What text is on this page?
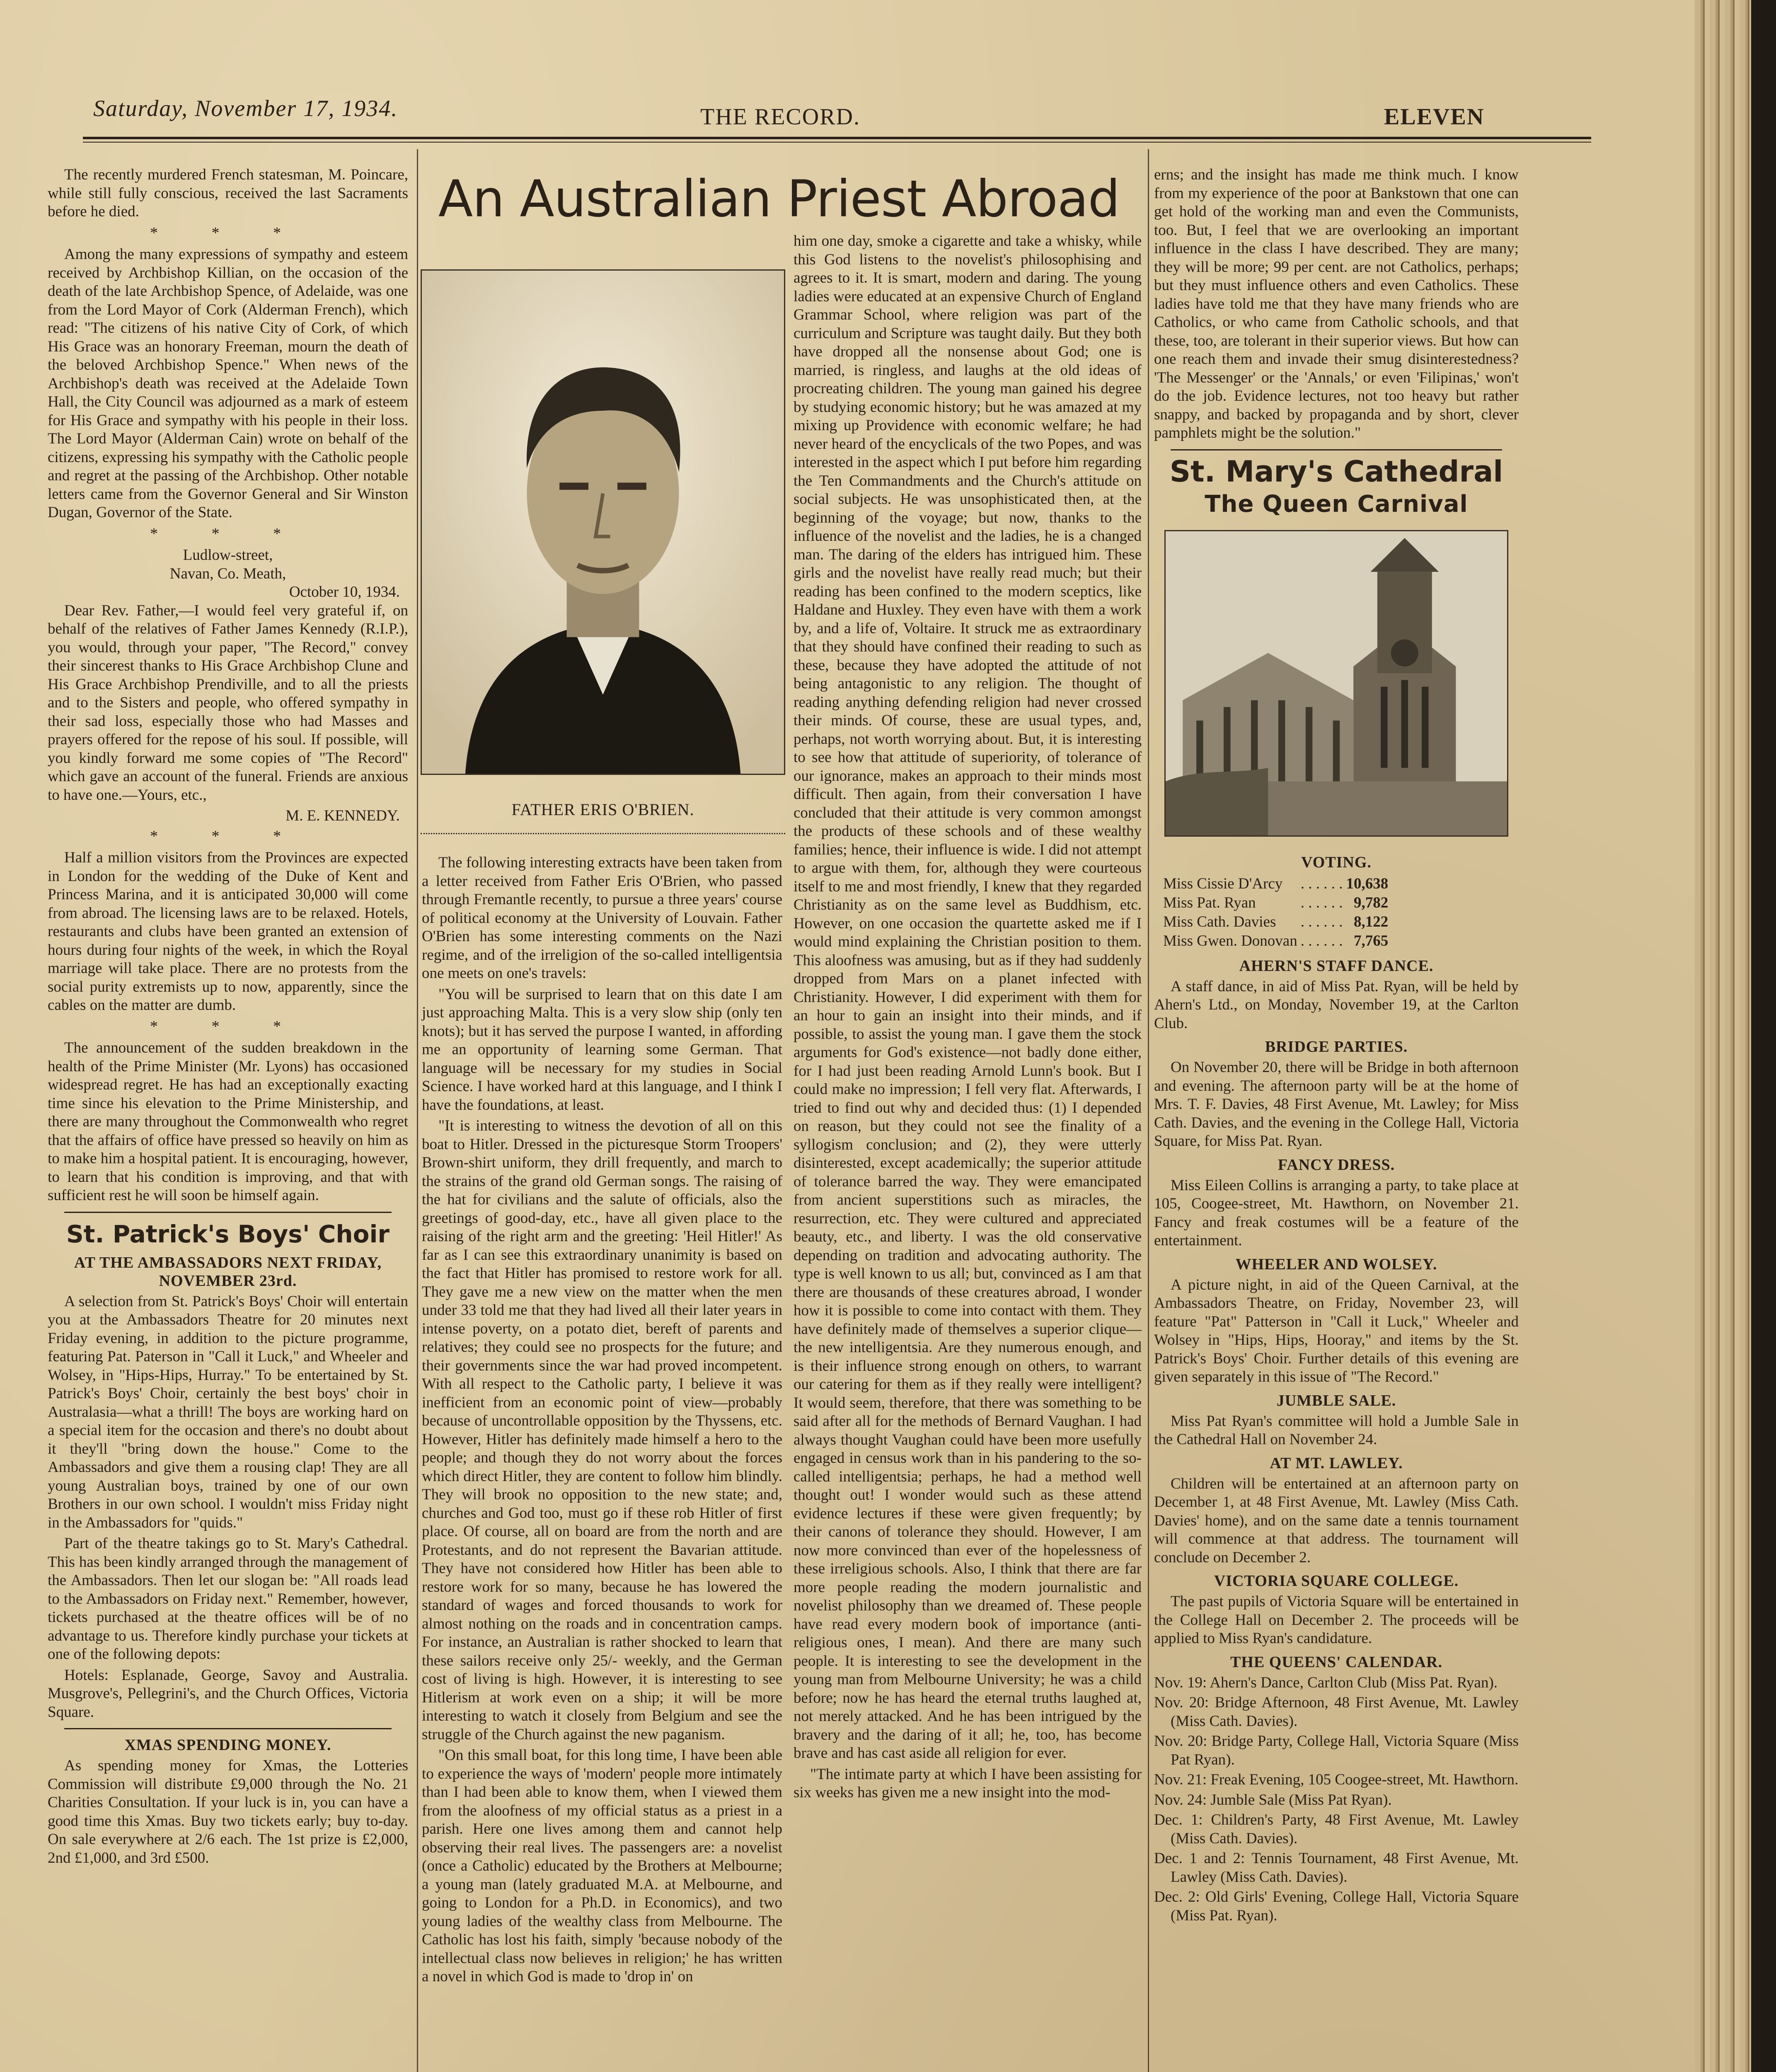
Saturday, November 17, 1934.	THE RECORD.	ELEVEN

The recently murdered French statesman, M. Poincare, while still fully conscious, received the last Sacraments before he died.

* * *

Among the many expressions of sympathy and esteem received by Archbishop Killian, on the occasion of the death of the late Archbishop Spence, of Adelaide, was one from the Lord Mayor of Cork (Alderman French), which read: "The citizens of his native City of Cork, of which His Grace was an honorary Freeman, mourn the death of the beloved Archbishop Spence." When news of the Archbishop's death was received at the Adelaide Town Hall, the City Council was adjourned as a mark of esteem for His Grace and sympathy with his people in their loss. The Lord Mayor (Alderman Cain) wrote on behalf of the citizens, expressing his sympathy with the Catholic people and regret at the passing of the Archbishop. Other notable letters came from the Governor General and Sir Winston Dugan, Governor of the State.

* * *
Ludlow-street,
Navan, Co. Meath,
October 10, 1934.

Dear Rev. Father,—I would feel very grateful if, on behalf of the relatives of Father James Kennedy (R.I.P.), you would, through your paper, "The Record," convey their sincerest thanks to His Grace Archbishop Clune and His Grace Archbishop Prendiville, and to all the priests and to the Sisters and people, who offered sympathy in their sad loss, especially those who had Masses and prayers offered for the repose of his soul. If possible, will you kindly forward me some copies of "The Record" which gave an account of the funeral. Friends are anxious to have one.—Yours, etc.,

M. E. KENNEDY.
* * *

Half a million visitors from the Provinces are expected in London for the wedding of the Duke of Kent and Princess Marina, and it is anticipated 30,000 will come from abroad. The licensing laws are to be relaxed. Hotels, restaurants and clubs have been granted an extension of hours during four nights of the week, in which the Royal marriage will take place. There are no protests from the social purity extremists up to now, apparently, since the cables on the matter are dumb.

* * *

The announcement of the sudden breakdown in the health of the Prime Minister (Mr. Lyons) has occasioned widespread regret. He has had an exceptionally exacting time since his elevation to the Prime Ministership, and there are many throughout the Commonwealth who regret that the affairs of office have pressed so heavily on him as to make him a hospital patient. It is encouraging, however, to learn that his condition is improving, and that with sufficient rest he will soon be himself again.

St. Patrick's Boys' Choir
AT THE AMBASSADORS NEXT FRIDAY, NOVEMBER 23rd.

A selection from St. Patrick's Boys' Choir will entertain you at the Ambassadors Theatre for 20 minutes next Friday evening, in addition to the picture programme, featuring Pat. Paterson in "Call it Luck," and Wheeler and Wolsey, in "Hips-Hips, Hurray." To be entertained by St. Patrick's Boys' Choir, certainly the best boys' choir in Australasia—what a thrill! The boys are working hard on a special item for the occasion and there's no doubt about it they'll "bring down the house." Come to the Ambassadors and give them a rousing clap! They are all young Australian boys, trained by one of our own Brothers in our own school. I wouldn't miss Friday night in the Ambassadors for "quids."

Part of the theatre takings go to St. Mary's Cathedral. This has been kindly arranged through the management of the Ambassadors. Then let our slogan be: "All roads lead to the Ambassadors on Friday next." Remember, however, tickets purchased at the theatre offices will be of no advantage to us. Therefore kindly purchase your tickets at one of the following depots:

Hotels: Esplanade, George, Savoy and Australia. Musgrove's, Pellegrini's, and the Church Offices, Victoria Square.

XMAS SPENDING MONEY.

As spending money for Xmas, the Lotteries Commission will distribute £9,000 through the No. 21 Charities Consultation. If your luck is in, you can have a good time this Xmas. Buy two tickets early; buy to-day. On sale everywhere at 2/6 each. The 1st prize is £2,000, 2nd £1,000, and 3rd £500.

An Australian Priest Abroad
FATHER ERIS O'BRIEN.

The following interesting extracts have been taken from a letter received from Father Eris O'Brien, who passed through Fremantle recently, to pursue a three years' course of political economy at the University of Louvain. Father O'Brien has some interesting comments on the Nazi regime, and of the irreligion of the so-called intelligentsia one meets on one's travels:

"You will be surprised to learn that on this date I am just approaching Malta. This is a very slow ship (only ten knots); but it has served the purpose I wanted, in affording me an opportunity of learning some German. That language will be necessary for my studies in Social Science. I have worked hard at this language, and I think I have the foundations, at least.

"It is interesting to witness the devotion of all on this boat to Hitler. Dressed in the picturesque Storm Troopers' Brown-shirt uniform, they drill frequently, and march to the strains of the grand old German songs. The raising of the hat for civilians and the salute of officials, also the greetings of good-day, etc., have all given place to the raising of the right arm and the greeting: 'Heil Hitler!' As far as I can see this extraordinary unanimity is based on the fact that Hitler has promised to restore work for all. They gave me a new view on the matter when the men under 33 told me that they had lived all their later years in intense poverty, on a potato diet, bereft of parents and relatives; they could see no prospects for the future; and their governments since the war had proved incompetent. With all respect to the Catholic party, I believe it was inefficient from an economic point of view—probably because of uncontrollable opposition by the Thyssens, etc. However, Hitler has definitely made himself a hero to the people; and though they do not worry about the forces which direct Hitler, they are content to follow him blindly. They will brook no opposition to the new state; and, churches and God too, must go if these rob Hitler of first place. Of course, all on board are from the north and are Protestants, and do not represent the Bavarian attitude. They have not considered how Hitler has been able to restore work for so many, because he has lowered the standard of wages and forced thousands to work for almost nothing on the roads and in concentration camps. For instance, an Australian is rather shocked to learn that these sailors receive only 25/- weekly, and the German cost of living is high. However, it is interesting to see Hitlerism at work even on a ship; it will be more interesting to watch it closely from Belgium and see the struggle of the Church against the new paganism.

"On this small boat, for this long time, I have been able to experience the ways of 'modern' people more intimately than I had been able to know them, when I viewed them from the aloofness of my official status as a priest in a parish. Here one lives among them and cannot help observing their real lives. The passengers are: a novelist (once a Catholic) educated by the Brothers at Melbourne; a young man (lately graduated M.A. at Melbourne, and going to London for a Ph.D. in Economics), and two young ladies of the wealthy class from Melbourne. The Catholic has lost his faith, simply 'because nobody of the intellectual class now believes in religion;' he has written a novel in which God is made to 'drop in' on

him one day, smoke a cigarette and take a whisky, while this God listens to the novelist's philosophising and agrees to it. It is smart, modern and daring. The young ladies were educated at an expensive Church of England Grammar School, where religion was part of the curriculum and Scripture was taught daily. But they both have dropped all the nonsense about God; one is married, is ringless, and laughs at the old ideas of procreating children. The young man gained his degree by studying economic history; but he was amazed at my mixing up Providence with economic welfare; he had never heard of the encyclicals of the two Popes, and was interested in the aspect which I put before him regarding the Ten Commandments and the Church's attitude on social subjects. He was unsophisticated then, at the beginning of the voyage; but now, thanks to the influence of the novelist and the ladies, he is a changed man. The daring of the elders has intrigued him. These girls and the novelist have really read much; but their reading has been confined to the modern sceptics, like Haldane and Huxley. They even have with them a work by, and a life of, Voltaire. It struck me as extraordinary that they should have confined their reading to such as these, because they have adopted the attitude of not being antagonistic to any religion. The thought of reading anything defending religion had never crossed their minds. Of course, these are usual types, and, perhaps, not worth worrying about. But, it is interesting to see how that attitude of superiority, of tolerance of our ignorance, makes an approach to their minds most difficult. Then again, from their conversation I have concluded that their attitude is very common amongst the products of these schools and of these wealthy families; hence, their influence is wide. I did not attempt to argue with them, for, although they were courteous itself to me and most friendly, I knew that they regarded Christianity as on the same level as Buddhism, etc. However, on one occasion the quartette asked me if I would mind explaining the Christian position to them. This aloofness was amusing, but as if they had suddenly dropped from Mars on a planet infected with Christianity. However, I did experiment with them for an hour to gain an insight into their minds, and if possible, to assist the young man. I gave them the stock arguments for God's existence—not badly done either, for I had just been reading Arnold Lunn's book. But I could make no impression; I fell very flat. Afterwards, I tried to find out why and decided thus: (1) I depended on reason, but they could not see the finality of a syllogism conclusion; and (2), they were utterly disinterested, except academically; the superior attitude of tolerance barred the way. They were emancipated from ancient superstitions such as miracles, the resurrection, etc. They were cultured and appreciated beauty, etc., and liberty. I was the old conservative depending on tradition and advocating authority. The type is well known to us all; but, convinced as I am that there are thousands of these creatures abroad, I wonder how it is possible to come into contact with them. They have definitely made of themselves a superior clique—the new intelligentsia. Are they numerous enough, and is their influence strong enough on others, to warrant our catering for them as if they really were intelligent? It would seem, therefore, that there was something to be said after all for the methods of Bernard Vaughan. I had always thought Vaughan could have been more usefully engaged in census work than in his pandering to the so-called intelligentsia; perhaps, he had a method well thought out! I wonder would such as these attend evidence lectures if these were given frequently; by their canons of tolerance they should. However, I am now more convinced than ever of the hopelessness of these irreligious schools. Also, I think that there are far more people reading the modern journalistic and novelist philosophy than we dreamed of. These people have read every modern book of importance (anti-religious ones, I mean). And there are many such people. It is interesting to see the development in the young man from Melbourne University; he was a child before; now he has heard the eternal truths laughed at, not merely attacked. And he has been intrigued by the bravery and the daring of it all; he, too, has become brave and has cast aside all religion for ever.

"The intimate party at which I have been assisting for six weeks has given me a new insight into the mod-

erns; and the insight has made me think much. I know from my experience of the poor at Bankstown that one can get hold of the working man and even the Communists, too. But, I feel that we are overlooking an important influence in the class I have described. They are many; they will be more; 99 per cent. are not Catholics, perhaps; but they must influence others and even Catholics. These ladies have told me that they have many friends who are Catholics, or who came from Catholic schools, and that these, too, are tolerant in their superior views. But how can one reach them and invade their smug disinterestedness? 'The Messenger' or the 'Annals,' or even 'Filipinas,' won't do the job. Evidence lectures, not too heavy but rather snappy, and backed by propaganda and by short, clever pamphlets might be the solution."

St. Mary's Cathedral
The Queen Carnival
VOTING.
Miss Cissie D'Arcy	. . . . . .	10,638
Miss Pat. Ryan	. . . . . .	9,782
Miss Cath. Davies	. . . . . .	8,122
Miss Gwen. Donovan	. . . . . .	7,765
AHERN'S STAFF DANCE.

A staff dance, in aid of Miss Pat. Ryan, will be held by Ahern's Ltd., on Monday, November 19, at the Carlton Club.

BRIDGE PARTIES.

On November 20, there will be Bridge in both afternoon and evening. The afternoon party will be at the home of Mrs. T. F. Davies, 48 First Avenue, Mt. Lawley; for Miss Cath. Davies, and the evening in the College Hall, Victoria Square, for Miss Pat. Ryan.

FANCY DRESS.

Miss Eileen Collins is arranging a party, to take place at 105, Coogee-street, Mt. Hawthorn, on November 21. Fancy and freak costumes will be a feature of the entertainment.

WHEELER AND WOLSEY.

A picture night, in aid of the Queen Carnival, at the Ambassadors Theatre, on Friday, November 23, will feature "Pat" Patterson in "Call it Luck," Wheeler and Wolsey in "Hips, Hips, Hooray," and items by the St. Patrick's Boys' Choir. Further details of this evening are given separately in this issue of "The Record."

JUMBLE SALE.

Miss Pat Ryan's committee will hold a Jumble Sale in the Cathedral Hall on November 24.

AT MT. LAWLEY.

Children will be entertained at an afternoon party on December 1, at 48 First Avenue, Mt. Lawley (Miss Cath. Davies' home), and on the same date a tennis tournament will commence at that address. The tournament will conclude on December 2.

VICTORIA SQUARE COLLEGE.

The past pupils of Victoria Square will be entertained in the College Hall on December 2. The proceeds will be applied to Miss Ryan's candidature.

THE QUEENS' CALENDAR.

Nov. 19: Ahern's Dance, Carlton Club (Miss Pat. Ryan).

Nov. 20: Bridge Afternoon, 48 First Avenue, Mt. Lawley (Miss Cath. Davies).

Nov. 20: Bridge Party, College Hall, Victoria Square (Miss Pat Ryan).

Nov. 21: Freak Evening, 105 Coogee-street, Mt. Hawthorn.

Nov. 24: Jumble Sale (Miss Pat Ryan).

Dec. 1: Children's Party, 48 First Avenue, Mt. Lawley (Miss Cath. Davies).

Dec. 1 and 2: Tennis Tournament, 48 First Avenue, Mt. Lawley (Miss Cath. Davies).

Dec. 2: Old Girls' Evening, College Hall, Victoria Square (Miss Pat. Ryan).
